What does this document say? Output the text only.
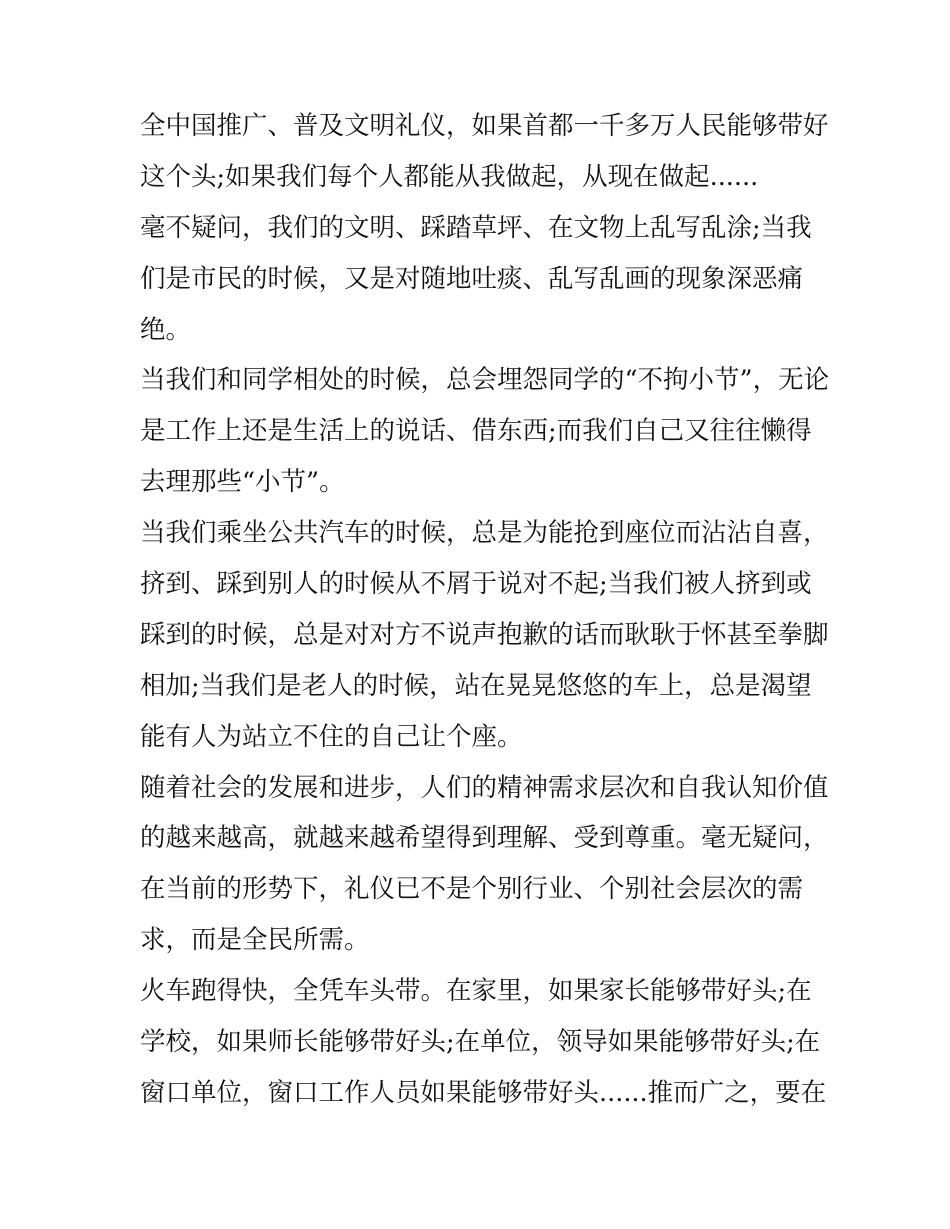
全中国推广、普及文明礼仪，如果首都一千多万人民能够带好
这个头;如果我们每个人都能从我做起，从现在做起......
毫不疑问，我们的文明、踩踏草坪、在文物上乱写乱涂;当我
们是市民的时候，又是对随地吐痰、乱写乱画的现象深恶痛
绝。
当我们和同学相处的时候，总会埋怨同学的“不拘小节”，无论
是工作上还是生活上的说话、借东西;而我们自己又往往懒得
去理那些“小节”。
当我们乘坐公共汽车的时候，总是为能抢到座位而沾沾自喜，
挤到、踩到别人的时候从不屑于说对不起;当我们被人挤到或
踩到的时候，总是对对方不说声抱歉的话而耿耿于怀甚至拳脚
相加;当我们是老人的时候，站在晃晃悠悠的车上，总是渴望
能有人为站立不住的自己让个座。
随着社会的发展和进步，人们的精神需求层次和自我认知价值
的越来越高，就越来越希望得到理解、受到尊重。毫无疑问，
在当前的形势下，礼仪已不是个别行业、个别社会层次的需
求，而是全民所需。
火车跑得快，全凭车头带。在家里，如果家长能够带好头;在
学校，如果师长能够带好头;在单位，领导如果能够带好头;在
窗口单位，窗口工作人员如果能够带好头......推而广之，要在
